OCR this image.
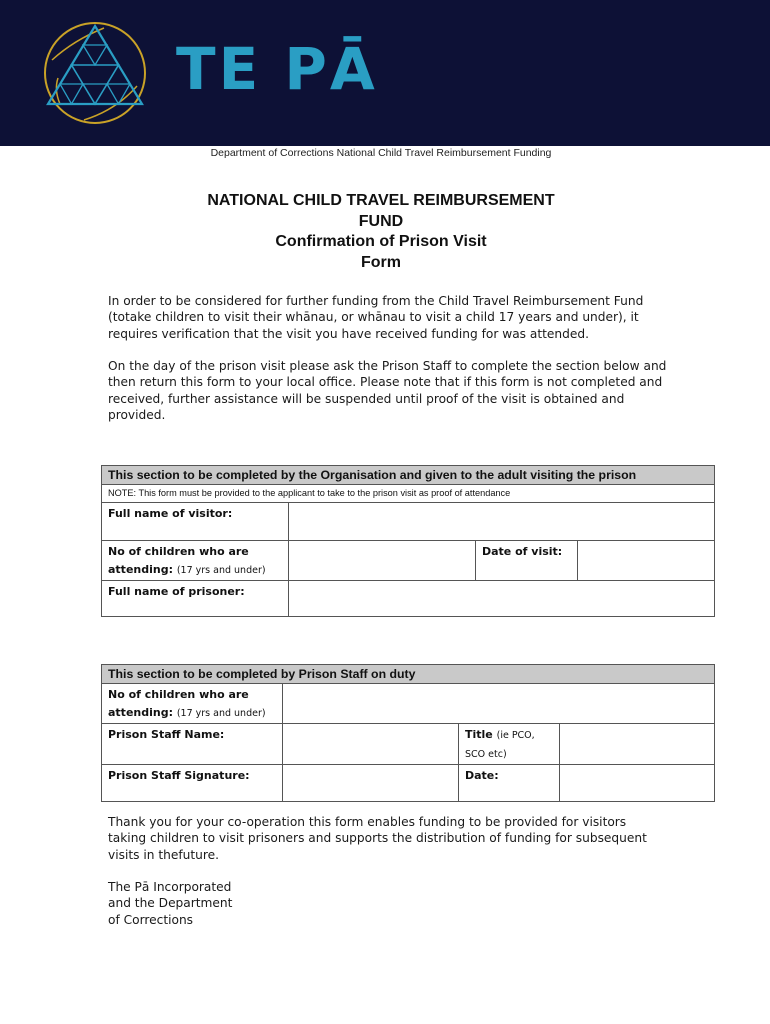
TE PĀ
Department of Corrections National Child Travel Reimbursement Funding
NATIONAL CHILD TRAVEL REIMBURSEMENT
FUND
Confirmation of Prison Visit
Form
In order to be considered for further funding from the Child Travel Reimbursement Fund (totake children to visit their whānau, or whānau to visit a child 17 years and under), it requires verification that the visit you have received funding for was attended.
On the day of the prison visit please ask the Prison Staff to complete the section below and then return this form to your local office. Please note that if this form is not completed and received, further assistance will be suspended until proof of the visit is obtained and provided.
This section to be completed by the Organisation and given to the adult visiting the prison			
NOTE: This form must be provided to the applicant to take to the prison visit as proof of attendance			
Full name of visitor:			
No of children who are attending: (17 yrs and under)		Date of visit:	
Full name of prisoner:			
This section to be completed by Prison Staff on duty			
No of children who are attending: (17 yrs and under)			
Prison Staff Name:		Title (ie PCO, SCO etc)	
Prison Staff Signature:		Date:	
Thank you for your co-operation this form enables funding to be provided for visitors taking children to visit prisoners and supports the distribution of funding for subsequent visits in thefuture.
The Pā Incorporated
and the Department
of Corrections
